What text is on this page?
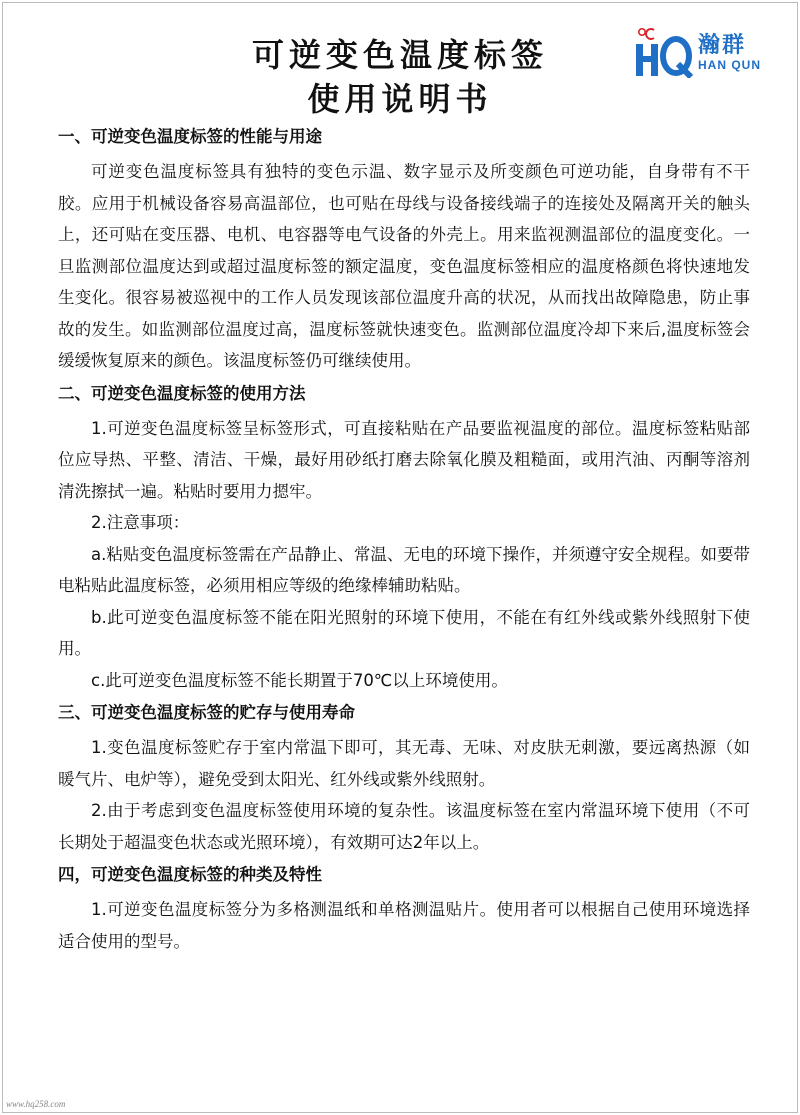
可逆变色温度标签
使用说明书
瀚群
HAN QUN
一、可逆变色温度标签的性能与用途

可逆变色温度标签具有独特的变色示温、数字显示及所变颜色可逆功能，自身带有不干胶。应用于机械设备容易高温部位，也可贴在母线与设备接线端子的连接处及隔离开关的触头上，还可贴在变压器、电机、电容器等电气设备的外壳上。用来监视测温部位的温度变化。一旦监测部位温度达到或超过温度标签的额定温度，变色温度标签相应的温度格颜色将快速地发生变化。很容易被巡视中的工作人员发现该部位温度升高的状况，从而找出故障隐患，防止事故的发生。如监测部位温度过高，温度标签就快速变色。监测部位温度冷却下来后,温度标签会缓缓恢复原来的颜色。该温度标签仍可继续使用。

二、可逆变色温度标签的使用方法

1.可逆变色温度标签呈标签形式，可直接粘贴在产品要监视温度的部位。温度标签粘贴部位应导热、平整、清洁、干燥，最好用砂纸打磨去除氧化膜及粗糙面，或用汽油、丙酮等溶剂清洗擦拭一遍。粘贴时要用力摁牢。

2.注意事项：

a.粘贴变色温度标签需在产品静止、常温、无电的环境下操作，并须遵守安全规程。如要带电粘贴此温度标签，必须用相应等级的绝缘棒辅助粘贴。

b.此可逆变色温度标签不能在阳光照射的环境下使用，不能在有红外线或紫外线照射下使用。

c.此可逆变色温度标签不能长期置于70℃以上环境使用。

三、可逆变色温度标签的贮存与使用寿命

1.变色温度标签贮存于室内常温下即可，其无毒、无味、对皮肤无刺激，要远离热源（如暖气片、电炉等），避免受到太阳光、红外线或紫外线照射。

2.由于考虑到变色温度标签使用环境的复杂性。该温度标签在室内常温环境下使用（不可长期处于超温变色状态或光照环境），有效期可达2年以上。

四，可逆变色温度标签的种类及特性

1.可逆变色温度标签分为多格测温纸和单格测温贴片。使用者可以根据自己使用环境选择适合使用的型号。

www.hq258.com
